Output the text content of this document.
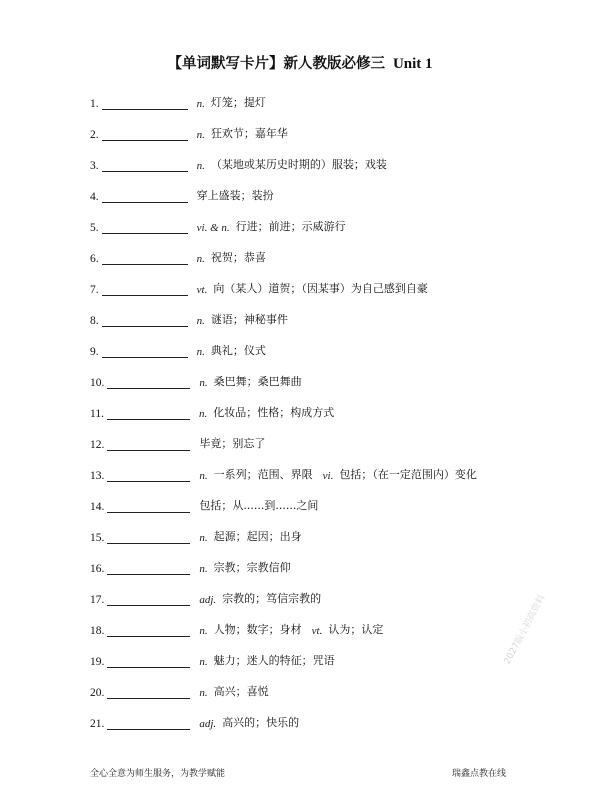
【单词默写卡片】新人教版必修三 Unit 1
1.	n. 灯笼；提灯
2.	n. 狂欢节；嘉年华
3.	n. （某地或某历史时期的）服装；戏装
4.	穿上盛装；装扮
5.	vi. & n. 行进；前进；示威游行
6.	n. 祝贺；恭喜
7.	vt. 向（某人）道贺；（因某事）为自己感到自豪
8.	n. 谜语；神秘事件
9.	n. 典礼；仪式
10.	n. 桑巴舞；桑巴舞曲
11.	n. 化妆品；性格；构成方式
12.	毕竟；别忘了
13.	n. 一系列；范围、界限 vi. 包括；（在一定范围内）变化
14.	包括；从......到......之间
15.	n. 起源；起因；出身
16.	n. 宗教；宗教信仰
17.	adj. 宗教的；笃信宗教的
18.	n. 人物；数字；身材 vt. 认为；认定
19.	n. 魅力；迷人的特征；咒语
20.	n. 高兴；喜悦
21.	adj. 高兴的；快乐的
全心全意为师生服务，为教学赋能	瑞鑫点教在线
2027版小初高资料
